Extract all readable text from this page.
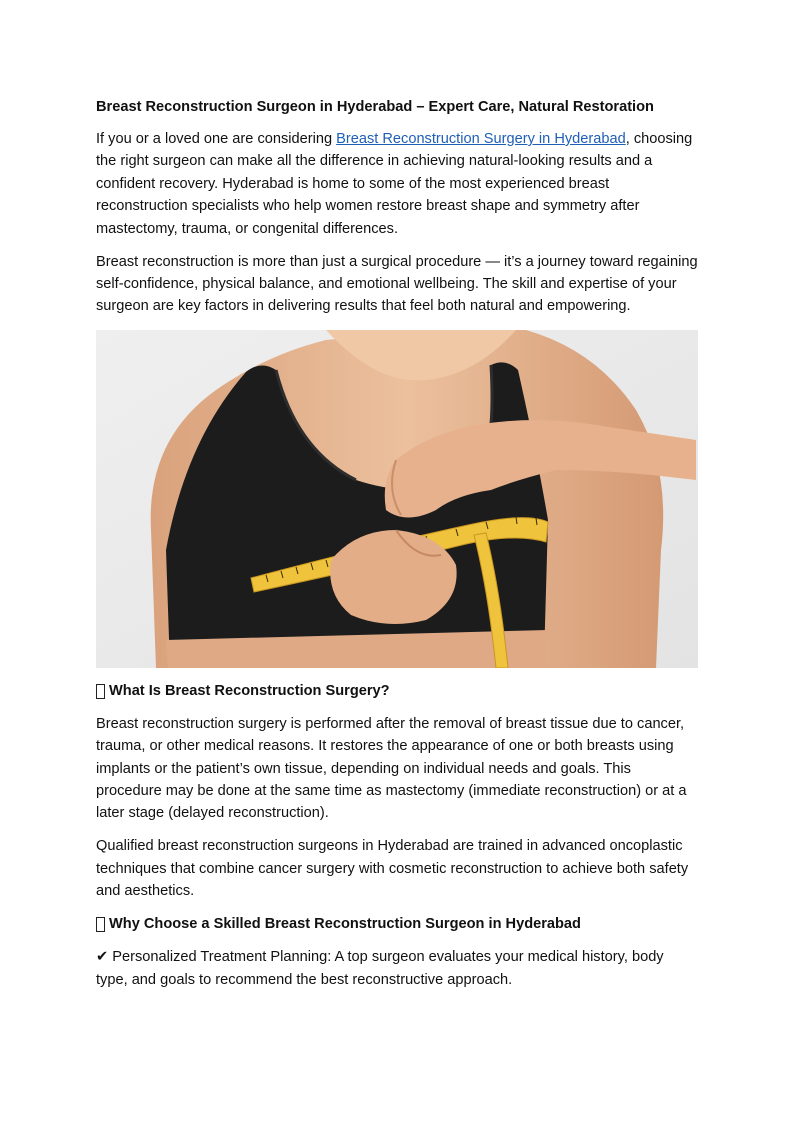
Breast Reconstruction Surgeon in Hyderabad – Expert Care, Natural Restoration

If you or a loved one are considering Breast Reconstruction Surgery in Hyderabad, choosing the right surgeon can make all the difference in achieving natural-looking results and a confident recovery. Hyderabad is home to some of the most experienced breast reconstruction specialists who help women restore breast shape and symmetry after mastectomy, trauma, or congenital differences.

Breast reconstruction is more than just a surgical procedure — it’s a journey toward regaining self-confidence, physical balance, and emotional wellbeing. The skill and expertise of your surgeon are key factors in delivering results that feel both natural and empowering.

What Is Breast Reconstruction Surgery?

Breast reconstruction surgery is performed after the removal of breast tissue due to cancer, trauma, or other medical reasons. It restores the appearance of one or both breasts using implants or the patient’s own tissue, depending on individual needs and goals. This procedure may be done at the same time as mastectomy (immediate reconstruction) or at a later stage (delayed reconstruction).

Qualified breast reconstruction surgeons in Hyderabad are trained in advanced oncoplastic techniques that combine cancer surgery with cosmetic reconstruction to achieve both safety and aesthetics.

Why Choose a Skilled Breast Reconstruction Surgeon in Hyderabad

✔ Personalized Treatment Planning: A top surgeon evaluates your medical history, body type, and goals to recommend the best reconstructive approach.
